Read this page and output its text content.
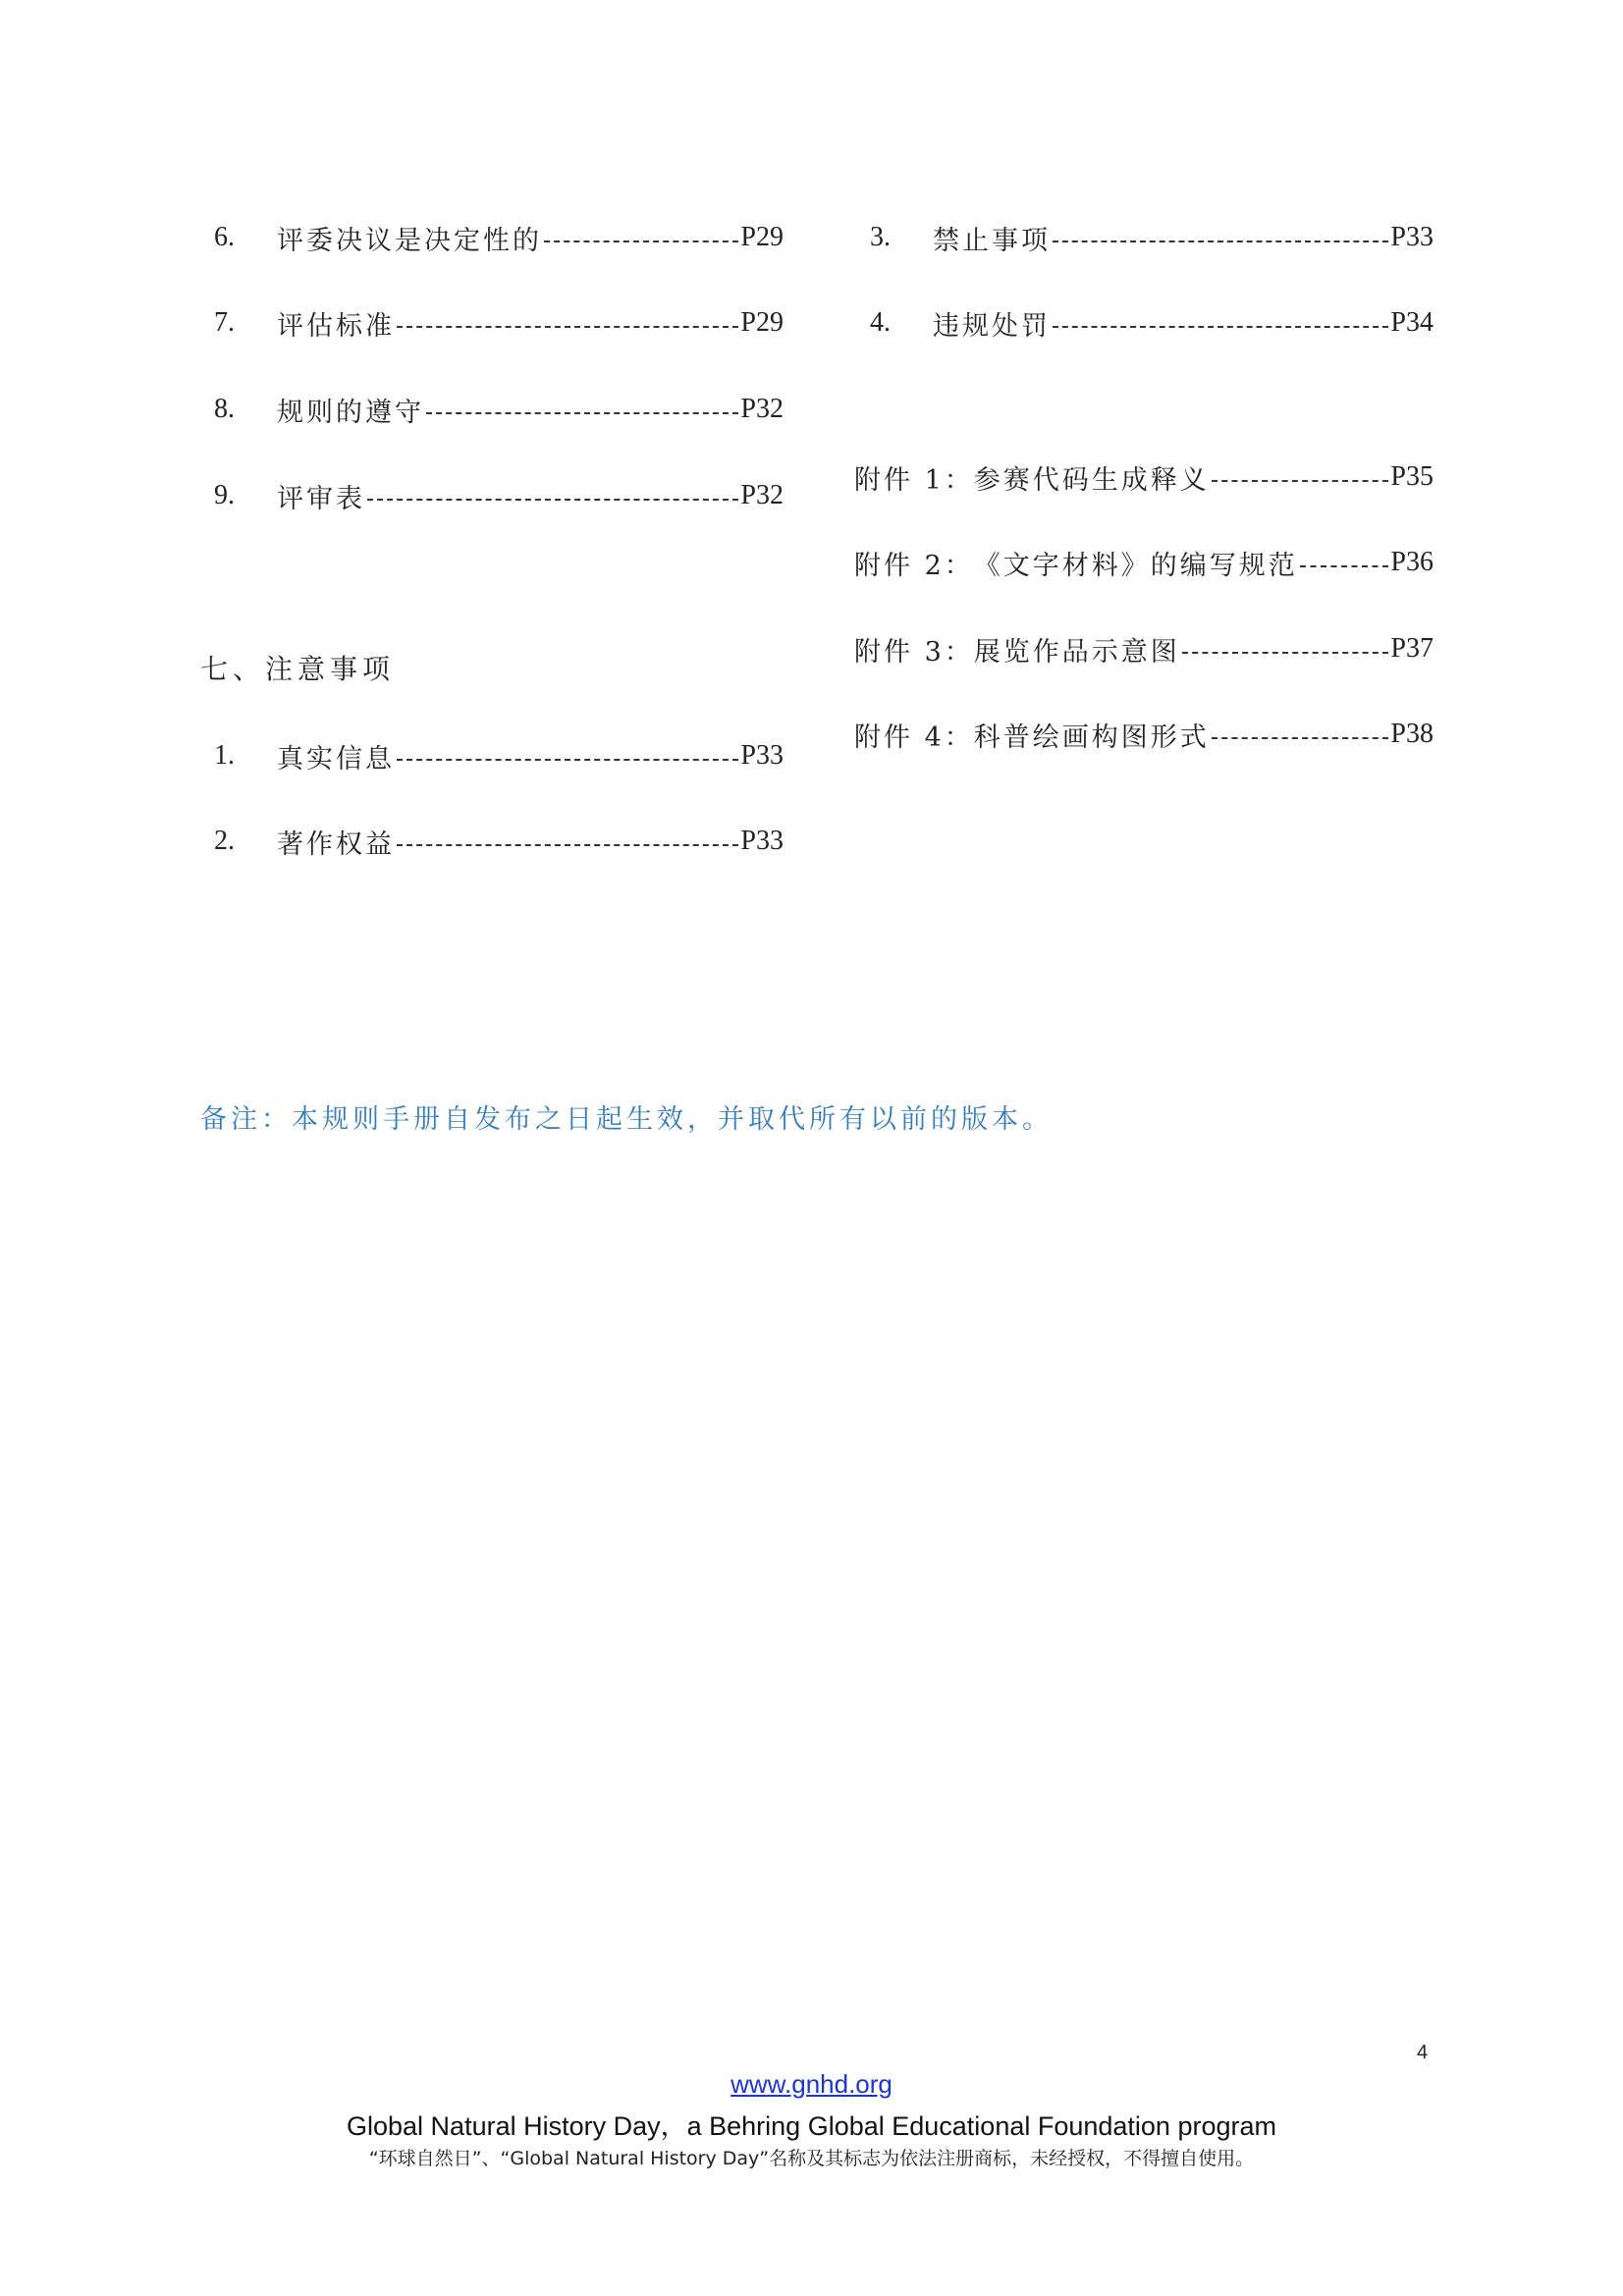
6.	评委决议是决定性的	P29
7.	评估标准	P29
8.	规则的遵守	P32
9.	评审表	P32
七、注意事项
1.	真实信息	P33
2.	著作权益	P33
3.	禁止事项	P33
4.	违规处罚	P34
附件 1： 参赛代码生成释义	P35
附件 2： 《文字材料》的编写规范	P36
附件 3： 展览作品示意图	P37
附件 4： 科普绘画构图形式	P38
备注：本规则手册自发布之日起生效，并取代所有以前的版本。
4
www.gnhd.org
Global Natural History Day，a Behring Global Educational Foundation program
“环球自然日”、“Global Natural History Day”名称及其标志为依法注册商标，未经授权，不得擅自使用。
